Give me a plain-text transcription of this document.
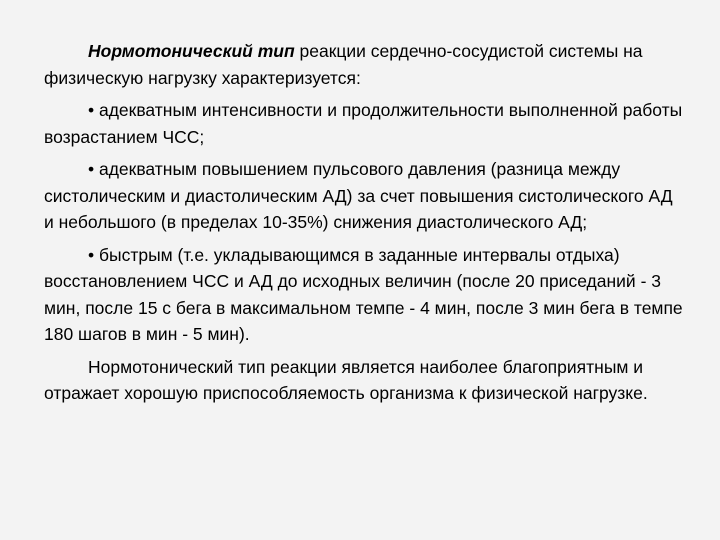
Нормотонический тип реакции сердечно-сосудистой системы на физическую нагрузку характеризуется:

• адекватным интенсивности и продолжительности выполненной работы возрастанием ЧСС;

• адекватным повышением пульсового давления (разница между систолическим и диастолическим АД) за счет повышения систолического АД и небольшого (в пределах 10-35%) снижения диастолического АД;

• быстрым (т.е. укладывающимся в заданные интервалы отдыха) восстановлением ЧСС и АД до исходных величин (после 20 приседаний - 3 мин, после 15 с бега в максимальном темпе - 4 мин, после 3 мин бега в темпе 180 шагов в мин - 5 мин).

Нормотонический тип реакции является наиболее благоприятным и отражает хорошую приспособляемость организма к физической нагрузке.
